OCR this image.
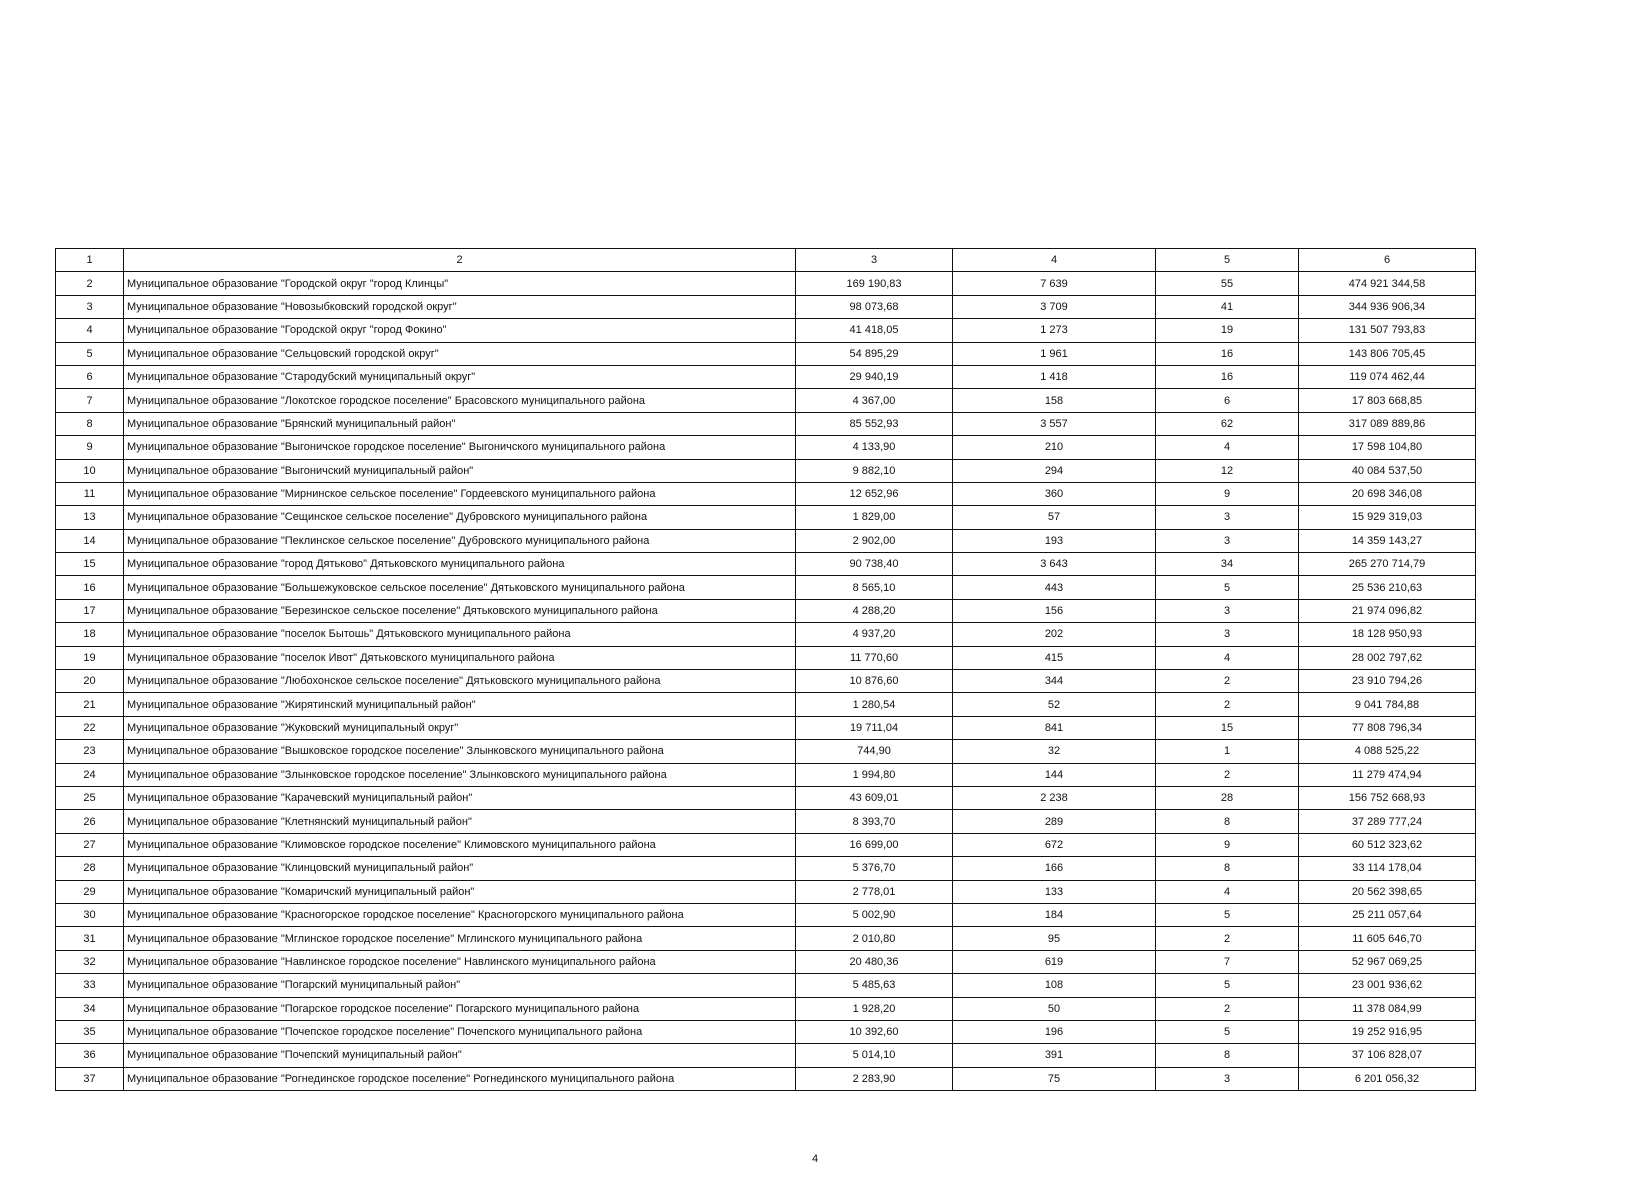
1	2	3	4	5	6
2	Муниципальное образование "Городской округ "город Клинцы"	169 190,83	7 639	55	474 921 344,58
3	Муниципальное образование "Новозыбковский городской округ"	98 073,68	3 709	41	344 936 906,34
4	Муниципальное образование "Городской округ "город Фокино"	41 418,05	1 273	19	131 507 793,83
5	Муниципальное образование "Сельцовский городской округ"	54 895,29	1 961	16	143 806 705,45
6	Муниципальное образование "Стародубский муниципальный округ"	29 940,19	1 418	16	119 074 462,44
7	Муниципальное образование "Локотское городское поселение" Брасовского муниципального района	4 367,00	158	6	17 803 668,85
8	Муниципальное образование "Брянский муниципальный район"	85 552,93	3 557	62	317 089 889,86
9	Муниципальное образование "Выгоничское городское поселение" Выгоничского муниципального района	4 133,90	210	4	17 598 104,80
10	Муниципальное образование "Выгоничский муниципальный район"	9 882,10	294	12	40 084 537,50
11	Муниципальное образование "Мирнинское сельское поселение" Гордеевского муниципального района	12 652,96	360	9	20 698 346,08
13	Муниципальное образование "Сещинское сельское поселение" Дубровского муниципального района	1 829,00	57	3	15 929 319,03
14	Муниципальное образование "Пеклинское сельское поселение" Дубровского муниципального района	2 902,00	193	3	14 359 143,27
15	Муниципальное образование "город Дятьково" Дятьковского муниципального района	90 738,40	3 643	34	265 270 714,79
16	Муниципальное образование "Большежуковское сельское поселение" Дятьковского муниципального района	8 565,10	443	5	25 536 210,63
17	Муниципальное образование "Березинское сельское поселение" Дятьковского муниципального района	4 288,20	156	3	21 974 096,82
18	Муниципальное образование "поселок Бытошь" Дятьковского муниципального района	4 937,20	202	3	18 128 950,93
19	Муниципальное образование "поселок Ивот" Дятьковского муниципального района	11 770,60	415	4	28 002 797,62
20	Муниципальное образование "Любохонское сельское поселение" Дятьковского муниципального района	10 876,60	344	2	23 910 794,26
21	Муниципальное образование "Жирятинский муниципальный район"	1 280,54	52	2	9 041 784,88
22	Муниципальное образование "Жуковский муниципальный округ"	19 711,04	841	15	77 808 796,34
23	Муниципальное образование "Вышковское городское поселение" Злынковского муниципального района	744,90	32	1	4 088 525,22
24	Муниципальное образование "Злынковское городское поселение" Злынковского муниципального района	1 994,80	144	2	11 279 474,94
25	Муниципальное образование "Карачевский муниципальный район"	43 609,01	2 238	28	156 752 668,93
26	Муниципальное образование "Клетнянский муниципальный район"	8 393,70	289	8	37 289 777,24
27	Муниципальное образование "Климовское городское поселение" Климовского муниципального района	16 699,00	672	9	60 512 323,62
28	Муниципальное образование "Клинцовский муниципальный район"	5 376,70	166	8	33 114 178,04
29	Муниципальное образование "Комаричский муниципальный район"	2 778,01	133	4	20 562 398,65
30	Муниципальное образование "Красногорское городское поселение" Красногорского муниципального района	5 002,90	184	5	25 211 057,64
31	Муниципальное образование "Мглинское городское поселение" Мглинского муниципального района	2 010,80	95	2	11 605 646,70
32	Муниципальное образование "Навлинское городское поселение" Навлинского муниципального района	20 480,36	619	7	52 967 069,25
33	Муниципальное образование "Погарский муниципальный район"	5 485,63	108	5	23 001 936,62
34	Муниципальное образование "Погарское городское поселение" Погарского муниципального района	1 928,20	50	2	11 378 084,99
35	Муниципальное образование "Почепское городское поселение" Почепского муниципального района	10 392,60	196	5	19 252 916,95
36	Муниципальное образование "Почепский муниципальный район"	5 014,10	391	8	37 106 828,07
37	Муниципальное образование "Рогнединское городское поселение" Рогнединского муниципального района	2 283,90	75	3	6 201 056,32
4
